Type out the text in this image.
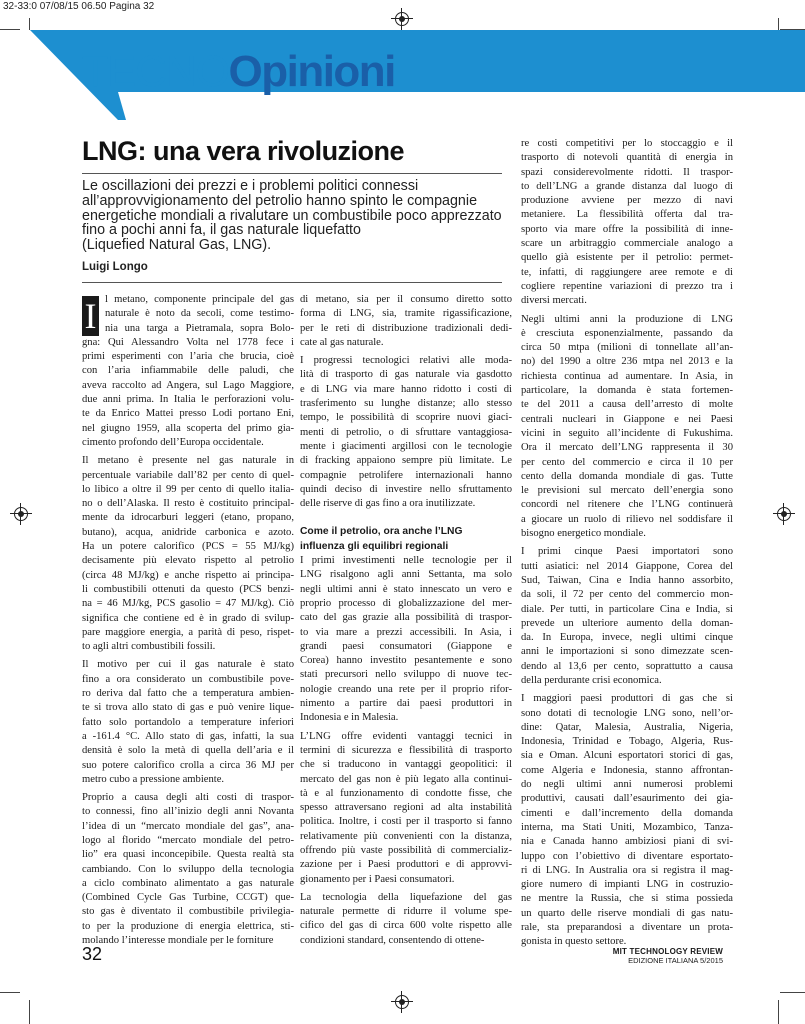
32-33:0 07/08/15 06.50 Pagina 32
TECNOOpinioni
LNG: una vera rivoluzione

Le oscillazioni dei prezzi e i problemi politici connessi

all’approvvigionamento del petrolio hanno spinto le compagnie

energetiche mondiali a rivalutare un combustibile poco apprezzato

fino a pochi anni fa, il gas naturale liquefatto

(Liquefied Natural Gas, LNG).

Luigi Longo
I l metano, componente principale del gas
naturale è noto da secoli, come testimo-
nia una targa a Pietramala, sopra Bolo-
gna: Qui Alessandro Volta nel 1778 fece i
primi esperimenti con l’aria che brucia, cioè
con l’aria infiammabile delle paludi, che
aveva raccolto ad Angera, sul Lago Maggiore,
due anni prima. In Italia le perforazioni volu-
te da Enrico Mattei presso Lodi portano Eni,
nel giugno 1959, alla scoperta del primo gia-
cimento profondo dell’Europa occidentale.
Il metano è presente nel gas naturale in
percentuale variabile dall’82 per cento di quel-
lo libico a oltre il 99 per cento di quello italia-
no o dell’Alaska. Il resto è costituito principal-
mente da idrocarburi leggeri (etano, propano,
butano), acqua, anidride carbonica e azoto.
Ha un potere calorifico (PCS = 55 MJ/kg)
decisamente più elevato rispetto al petrolio
(circa 48 MJ/kg) e anche rispetto ai principa-
li combustibili ottenuti da questo (PCS benzi-
na = 46 MJ/kg, PCS gasolio = 47 MJ/kg). Ciò
significa che contiene ed è in grado di svilup-
pare maggiore energia, a parità di peso, rispet-
to agli altri combustibili fossili.
Il motivo per cui il gas naturale è stato
fino a ora considerato un combustibile pove-
ro deriva dal fatto che a temperatura ambien-
te si trova allo stato di gas e può venire lique-
fatto solo portandolo a temperature inferiori
a -161.4 °C. Allo stato di gas, infatti, la sua
densità è solo la metà di quella dell’aria e il
suo potere calorifico crolla a circa 36 MJ per
metro cubo a pressione ambiente.
Proprio a causa degli alti costi di traspor-
to connessi, fino all’inizio degli anni Novanta
l’idea di un “mercato mondiale del gas”, ana-
logo al florido “mercato mondiale del petro-
lio” era quasi inconcepibile. Questa realtà sta
cambiando. Con lo sviluppo della tecnologia
a ciclo combinato alimentato a gas naturale
(Combined Cycle Gas Turbine, CCGT) que-
sto gas è diventato il combustibile privilegia-
to per la produzione di energia elettrica, sti-
molando l’interesse mondiale per le forniture
di metano, sia per il consumo diretto sotto
forma di LNG, sia, tramite rigassificazione,
per le reti di distribuzione tradizionali dedi-
cate al gas naturale.
I progressi tecnologici relativi alle moda-
lità di trasporto di gas naturale via gasdotto
e di LNG via mare hanno ridotto i costi di
trasferimento su lunghe distanze; allo stesso
tempo, le possibilità di scoprire nuovi giaci-
menti di petrolio, o di sfruttare vantaggiosa-
mente i giacimenti argillosi con le tecnologie
di fracking appaiono sempre più limitate. Le
compagnie petrolifere internazionali hanno
quindi deciso di investire nello sfruttamento
delle riserve di gas fino a ora inutilizzate.
Come il petrolio, ora anche l’LNG
influenza gli equilibri regionali
I primi investimenti nelle tecnologie per il
LNG risalgono agli anni Settanta, ma solo
negli ultimi anni è stato innescato un vero e
proprio processo di globalizzazione del mer-
cato del gas grazie alla possibilità di traspor-
to via mare a prezzi accessibili. In Asia, i
grandi paesi consumatori (Giappone e
Corea) hanno investito pesantemente e sono
stati precursori nello sviluppo di nuove tec-
nologie creando una rete per il proprio rifor-
nimento a partire dai paesi produttori in
Indonesia e in Malesia.
L’LNG offre evidenti vantaggi tecnici in
termini di sicurezza e flessibilità di trasporto
che si traducono in vantaggi geopolitici: il
mercato del gas non è più legato alla continui-
tà e al funzionamento di condotte fisse, che
spesso attraversano regioni ad alta instabilità
politica. Inoltre, i costi per il trasporto si fanno
relativamente più convenienti con la distanza,
offrendo più vaste possibilità di commercializ-
zazione per i Paesi produttori e di approvvi-
gionamento per i Paesi consumatori.
La tecnologia della liquefazione del gas
naturale permette di ridurre il volume spe-
cifico del gas di circa 600 volte rispetto alle
condizioni standard, consentendo di ottene-
re costi competitivi per lo stoccaggio e il
trasporto di notevoli quantità di energia in
spazi considerevolmente ridotti. Il traspor-
to dell’LNG a grande distanza dal luogo di
produzione avviene per mezzo di navi
metaniere. La flessibilità offerta dal tra-
sporto via mare offre la possibilità di inne-
scare un arbitraggio commerciale analogo a
quello già esistente per il petrolio: permet-
te, infatti, di raggiungere aree remote e di
cogliere repentine variazioni di prezzo tra i
diversi mercati.
Negli ultimi anni la produzione di LNG
è cresciuta esponenzialmente, passando da
circa 50 mtpa (milioni di tonnellate all’an-
no) del 1990 a oltre 236 mtpa nel 2013 e la
richiesta continua ad aumentare. In Asia, in
particolare, la domanda è stata fortemen-
te del 2011 a causa dell’arresto di molte
centrali nucleari in Giappone e nei Paesi
vicini in seguito all’incidente di Fukushima.
Ora il mercato dell’LNG rappresenta il 30
per cento del commercio e circa il 10 per
cento della domanda mondiale di gas. Tutte
le previsioni sul mercato dell’energia sono
concordi nel ritenere che l’LNG continuerà
a giocare un ruolo di rilievo nel soddisfare il
bisogno energetico mondiale.
I primi cinque Paesi importatori sono
tutti asiatici: nel 2014 Giappone, Corea del
Sud, Taiwan, Cina e India hanno assorbito,
da soli, il 72 per cento del commercio mon-
diale. Per tutti, in particolare Cina e India, si
prevede un ulteriore aumento della doman-
da. In Europa, invece, negli ultimi cinque
anni le importazioni si sono dimezzate scen-
dendo al 13,6 per cento, soprattutto a causa
della perdurante crisi economica.
I maggiori paesi produttori di gas che si
sono dotati di tecnologie LNG sono, nell’or-
dine: Qatar, Malesia, Australia, Nigeria,
Indonesia, Trinidad e Tobago, Algeria, Rus-
sia e Oman. Alcuni esportatori storici di gas,
come Algeria e Indonesia, stanno affrontan-
do negli ultimi anni numerosi problemi
produttivi, causati dall’esaurimento dei gia-
cimenti e dall’incremento della domanda
interna, ma Stati Uniti, Mozambico, Tanza-
nia e Canada hanno ambiziosi piani di svi-
luppo con l’obiettivo di diventare esportato-
ri di LNG. In Australia ora si registra il mag-
giore numero di impianti LNG in costruzio-
ne mentre la Russia, che si stima possieda
un quarto delle riserve mondiali di gas natu-
rale, sta preparandosi a diventare un prota-
gonista in questo settore.
32	MIT TECHNOLOGY REVIEW
EDIZIONE ITALIANA 5/2015
